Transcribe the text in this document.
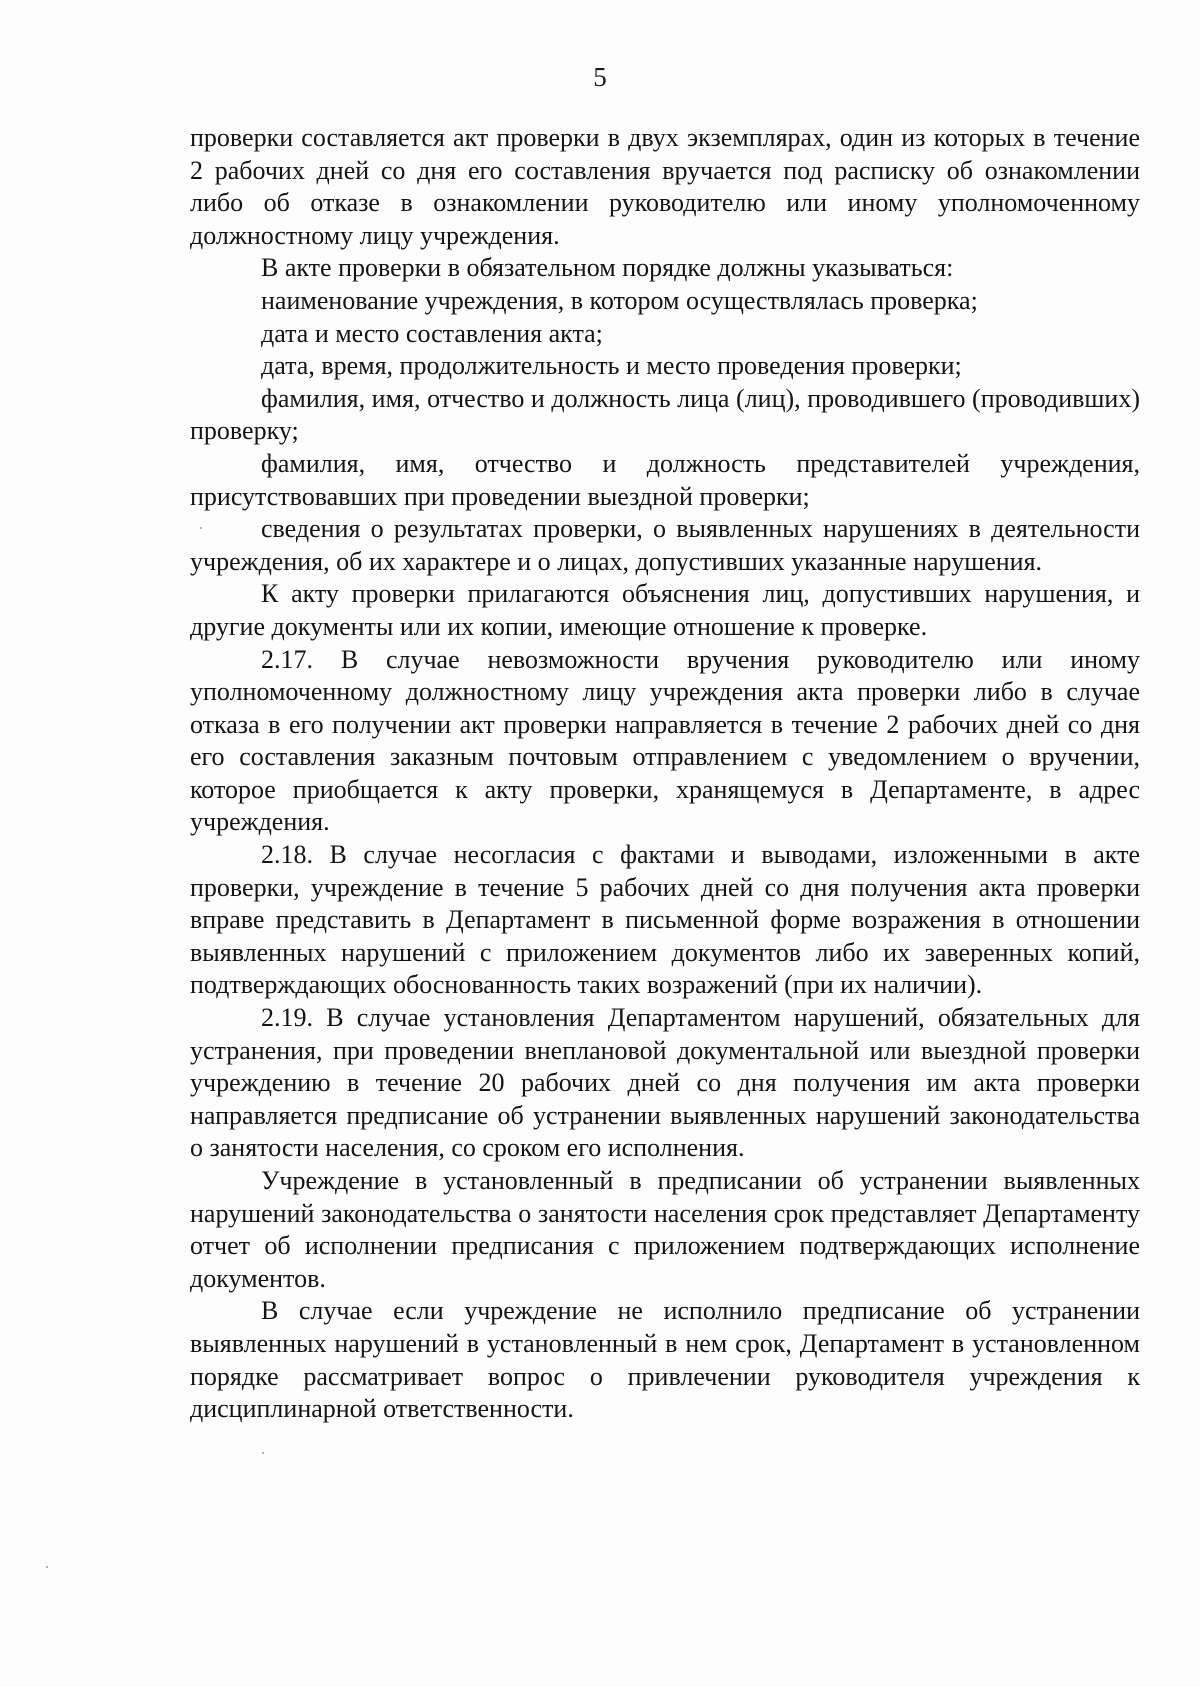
5

проверки составляется акт проверки в двух экземплярах, один из которых в течение 2 рабочих дней со дня его составления вручается под расписку об ознакомлении либо об отказе в ознакомлении руководителю или иному уполномоченному должностному лицу учреждения.

В акте проверки в обязательном порядке должны указываться:

наименование учреждения, в котором осуществлялась проверка;

дата и место составления акта;

дата, время, продолжительность и место проведения проверки;

фамилия, имя, отчество и должность лица (лиц), проводившего (проводивших) проверку;

фамилия, имя, отчество и должность представителей учреждения, присутствовавших при проведении выездной проверки;

сведения о результатах проверки, о выявленных нарушениях в деятельности учреждения, об их характере и о лицах, допустивших указанные нарушения.

К акту проверки прилагаются объяснения лиц, допустивших нарушения, и другие документы или их копии, имеющие отношение к проверке.

2.17. В случае невозможности вручения руководителю или иному уполномоченному должностному лицу учреждения акта проверки либо в случае отказа в его получении акт проверки направляется в течение 2 рабочих дней со дня его составления заказным почтовым отправлением с уведомлением о вручении, которое приобщается к акту проверки, хранящемуся в Департаменте, в адрес учреждения.

2.18. В случае несогласия с фактами и выводами, изложенными в акте проверки, учреждение в течение 5 рабочих дней со дня получения акта проверки вправе представить в Департамент в письменной форме возражения в отношении выявленных нарушений с приложением документов либо их заверенных копий, подтверждающих обоснованность таких возражений (при их наличии).

2.19. В случае установления Департаментом нарушений, обязательных для устранения, при проведении внеплановой документальной или выездной проверки учреждению в течение 20 рабочих дней со дня получения им акта проверки направляется предписание об устранении выявленных нарушений законодательства о занятости населения, со сроком его исполнения.

Учреждение в установленный в предписании об устранении выявленных нарушений законодательства о занятости населения срок представляет Департаменту отчет об исполнении предписания с приложением подтверждающих исполнение документов.

В случае если учреждение не исполнило предписание об устранении выявленных нарушений в установленный в нем срок, Департамент в установленном порядке рассматривает вопрос о привлечении руководителя учреждения к дисциплинарной ответственности.
